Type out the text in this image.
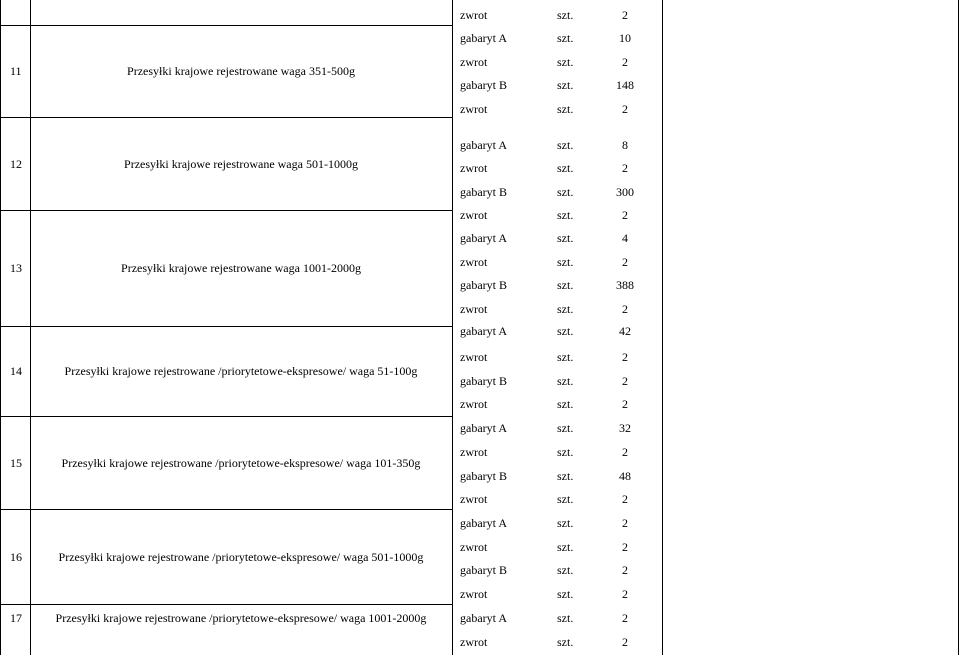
zwrot	szt.	2
11	Przesyłki krajowe rejestrowane waga 351-500g
gabaryt A	szt.	10
zwrot	szt.	2
gabaryt B	szt.	148
zwrot	szt.	2
12	Przesyłki krajowe rejestrowane waga 501-1000g
gabaryt A	szt.	8
zwrot	szt.	2
gabaryt B	szt.	300
zwrot	szt.	2
13	Przesyłki krajowe rejestrowane waga 1001-2000g
gabaryt A	szt.	4
zwrot	szt.	2
gabaryt B	szt.	388
zwrot	szt.	2
14	Przesyłki krajowe rejestrowane /priorytetowe-ekspresowe/ waga 51-100g
gabaryt A	szt.	42
zwrot	szt.	2
gabaryt B	szt.	2
zwrot	szt.	2
15	Przesyłki krajowe rejestrowane /priorytetowe-ekspresowe/ waga 101-350g
gabaryt A	szt.	32
zwrot	szt.	2
gabaryt B	szt.	48
zwrot	szt.	2
16	Przesyłki krajowe rejestrowane /priorytetowe-ekspresowe/ waga 501-1000g
gabaryt A	szt.	2
zwrot	szt.	2
gabaryt B	szt.	2
zwrot	szt.	2
17	Przesyłki krajowe rejestrowane /priorytetowe-ekspresowe/ waga 1001-2000g	gabaryt A	szt.	2
zwrot	szt.	2
